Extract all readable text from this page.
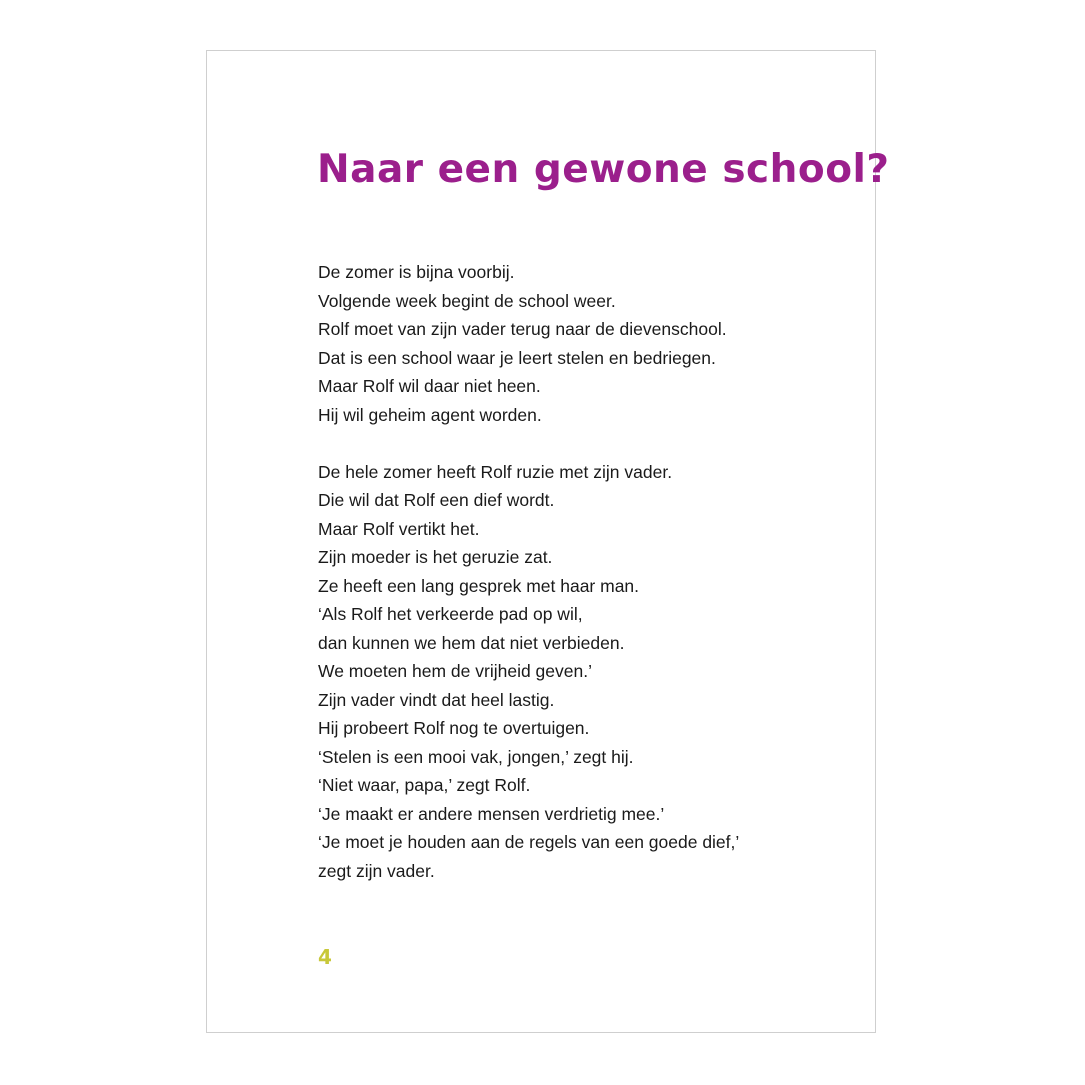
Naar een gewone school?
De zomer is bijna voorbij.
Volgende week begint de school weer.
Rolf moet van zijn vader terug naar de dievenschool.
Dat is een school waar je leert stelen en bedriegen.
Maar Rolf wil daar niet heen.
Hij wil geheim agent worden.
De hele zomer heeft Rolf ruzie met zijn vader.
Die wil dat Rolf een dief wordt.
Maar Rolf vertikt het.
Zijn moeder is het geruzie zat.
Ze heeft een lang gesprek met haar man.
‘Als Rolf het verkeerde pad op wil,
dan kunnen we hem dat niet verbieden.
We moeten hem de vrijheid geven.’
Zijn vader vindt dat heel lastig.
Hij probeert Rolf nog te overtuigen.
‘Stelen is een mooi vak, jongen,’ zegt hij.
‘Niet waar, papa,’ zegt Rolf.
‘Je maakt er andere mensen verdrietig mee.’
‘Je moet je houden aan de regels van een goede dief,’
zegt zijn vader.
4
